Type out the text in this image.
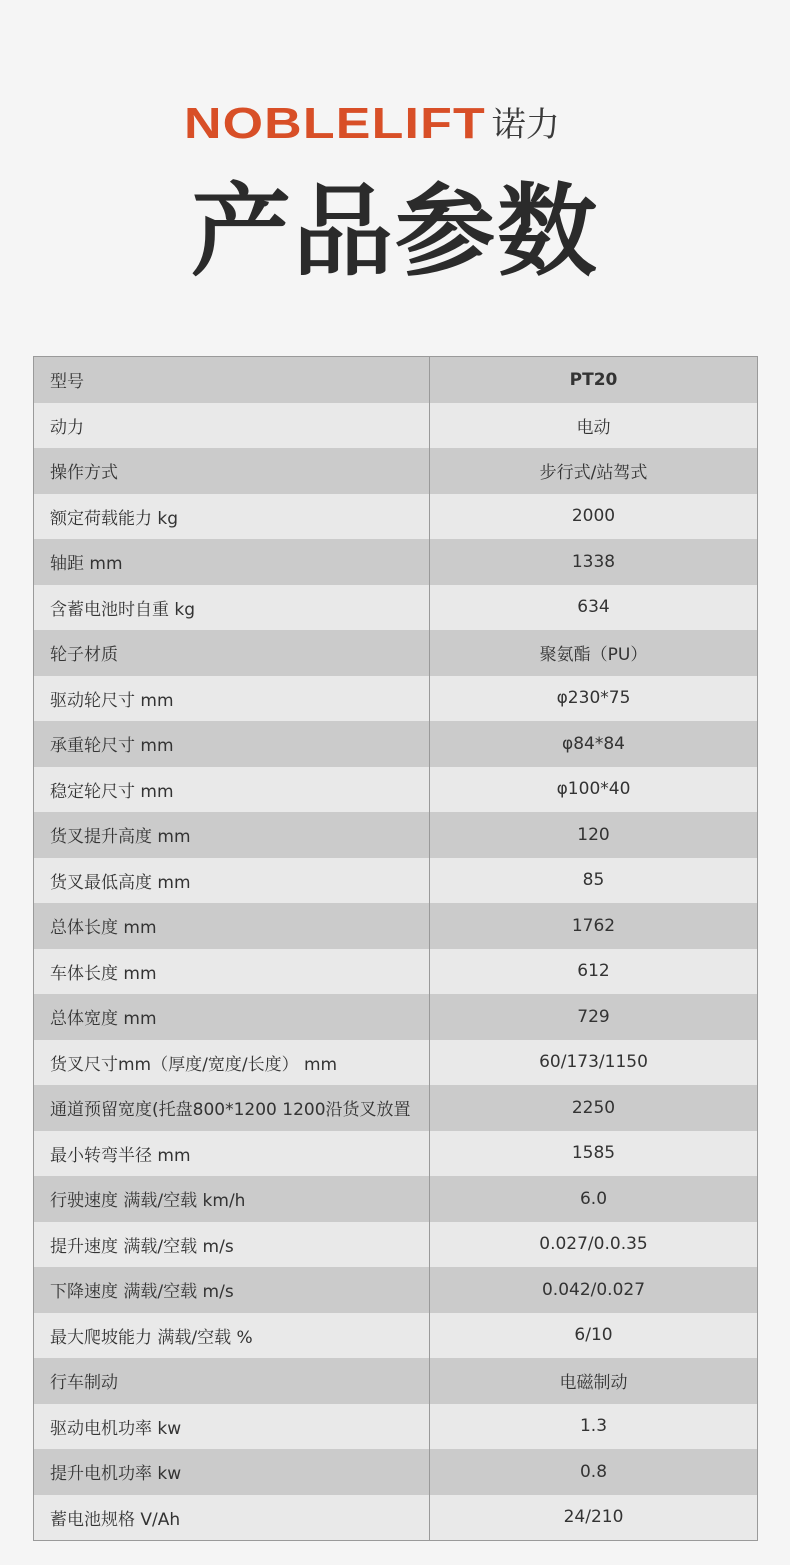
NOBLELIFT 诺力
产品参数
型号	PT20
动力	电动
操作方式	步行式/站驾式
额定荷载能力 kg	2000
轴距 mm	1338
含蓄电池时自重 kg	634
轮子材质	聚氨酯（PU）
驱动轮尺寸 mm	φ230*75
承重轮尺寸 mm	φ84*84
稳定轮尺寸 mm	φ100*40
货叉提升高度 mm	120
货叉最低高度 mm	85
总体长度 mm	1762
车体长度 mm	612
总体宽度 mm	729
货叉尺寸mm（厚度/宽度/长度） mm	60/173/1150
通道预留宽度(托盘800*1200 1200沿货叉放置	2250
最小转弯半径 mm	1585
行驶速度 满载/空载 km/h	6.0
提升速度 满载/空载 m/s	0.027/0.0.35
下降速度 满载/空载 m/s	0.042/0.027
最大爬坡能力 满载/空载 %	6/10
行车制动	电磁制动
驱动电机功率 kw	1.3
提升电机功率 kw	0.8
蓄电池规格 V/Ah	24/210
